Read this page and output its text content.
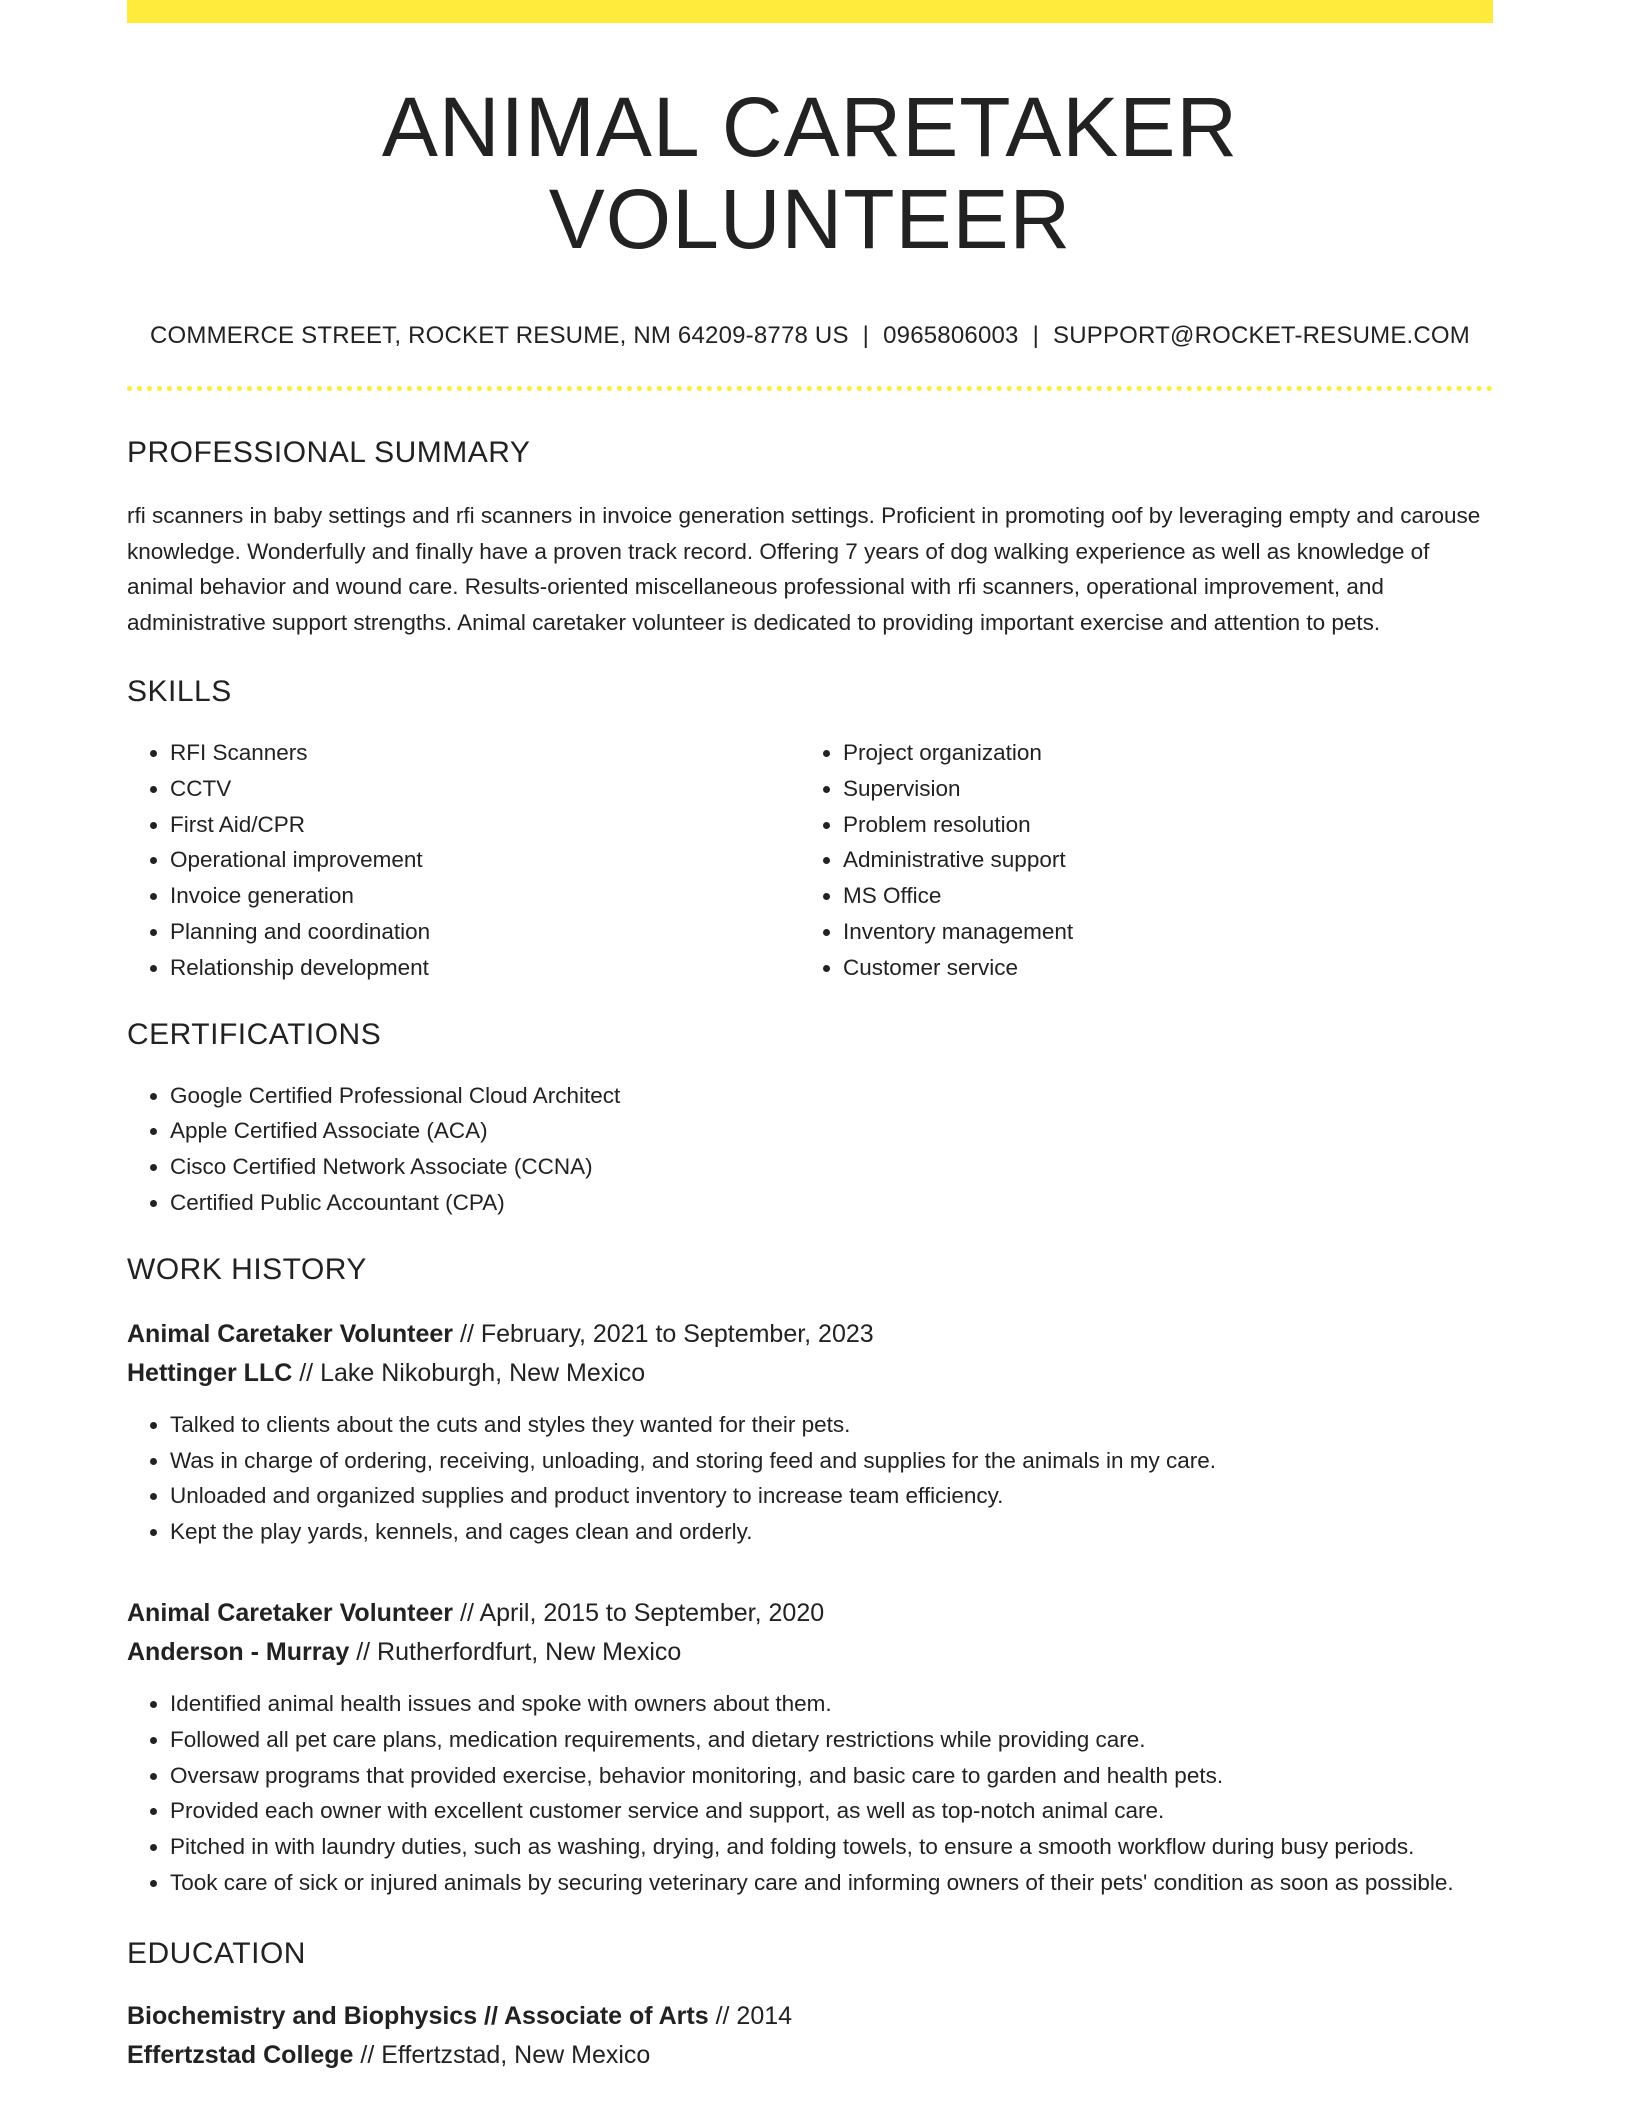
ANIMAL CARETAKER VOLUNTEER
COMMERCE STREET, ROCKET RESUME, NM 64209-8778 US | 0965806003 | SUPPORT@ROCKET-RESUME.COM
PROFESSIONAL SUMMARY

rfi scanners in baby settings and rfi scanners in invoice generation settings. Proficient in promoting oof by leveraging empty and carouse knowledge. Wonderfully and finally have a proven track record. Offering 7 years of dog walking experience as well as knowledge of animal behavior and wound care. Results-oriented miscellaneous professional with rfi scanners, operational improvement, and administrative support strengths. Animal caretaker volunteer is dedicated to providing important exercise and attention to pets.

SKILLS
• RFI Scanners
• CCTV
• First Aid/CPR
• Operational improvement
• Invoice generation
• Planning and coordination
• Relationship development
• Project organization
• Supervision
• Problem resolution
• Administrative support
• MS Office
• Inventory management
• Customer service
CERTIFICATIONS
• Google Certified Professional Cloud Architect
• Apple Certified Associate (ACA)
• Cisco Certified Network Associate (CCNA)
• Certified Public Accountant (CPA)
WORK HISTORY
Animal Caretaker Volunteer // February, 2021 to September, 2023
Hettinger LLC // Lake Nikoburgh, New Mexico
• Talked to clients about the cuts and styles they wanted for their pets.
• Was in charge of ordering, receiving, unloading, and storing feed and supplies for the animals in my care.
• Unloaded and organized supplies and product inventory to increase team efficiency.
• Kept the play yards, kennels, and cages clean and orderly.
Animal Caretaker Volunteer // April, 2015 to September, 2020
Anderson - Murray // Rutherfordfurt, New Mexico
• Identified animal health issues and spoke with owners about them.
• Followed all pet care plans, medication requirements, and dietary restrictions while providing care.
• Oversaw programs that provided exercise, behavior monitoring, and basic care to garden and health pets.
• Provided each owner with excellent customer service and support, as well as top-notch animal care.
• Pitched in with laundry duties, such as washing, drying, and folding towels, to ensure a smooth workflow during busy periods.
• Took care of sick or injured animals by securing veterinary care and informing owners of their pets' condition as soon as possible.
EDUCATION
Biochemistry and Biophysics // Associate of Arts // 2014
Effertzstad College // Effertzstad, New Mexico
